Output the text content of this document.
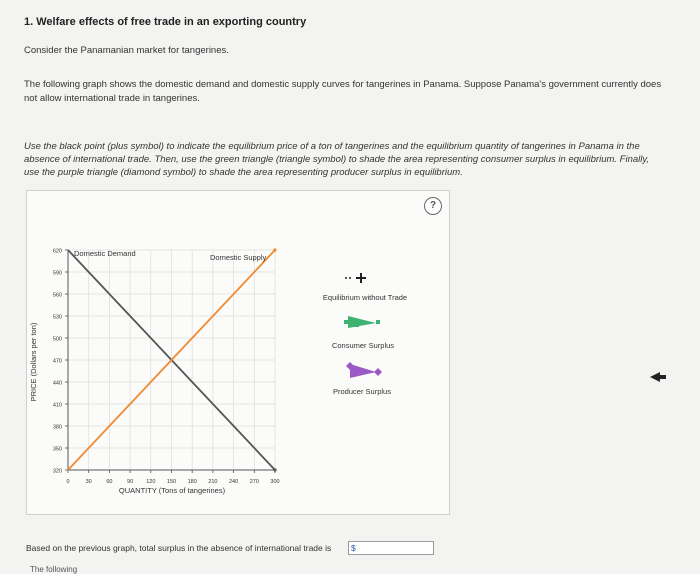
1. Welfare effects of free trade in an exporting country
Consider the Panamanian market for tangerines.
The following graph shows the domestic demand and domestic supply curves for tangerines in Panama. Suppose Panama's government currently does
not allow international trade in tangerines.
Use the black point (plus symbol) to indicate the equilibrium price of a ton of tangerines and the equilibrium quantity of tangerines in Panama in the
absence of international trade. Then, use the green triangle (triangle symbol) to shade the area representing consumer surplus in equilibrium. Finally,
use the purple triangle (diamond symbol) to shade the area representing producer surplus in equilibrium.
?
320
350
380
410
440
470
500
530
560
590
620
0	30	60	90 120 150 180 210 240 270 300
PRICE (Dollars per ton)
QUANTITY (Tons of tangerines)
Domestic Demand	Domestic Supply
Equilibrium without Trade
Consumer Surplus
Producer Surplus
Based on the previous graph, total surplus in the absence of international trade is	$
The following
